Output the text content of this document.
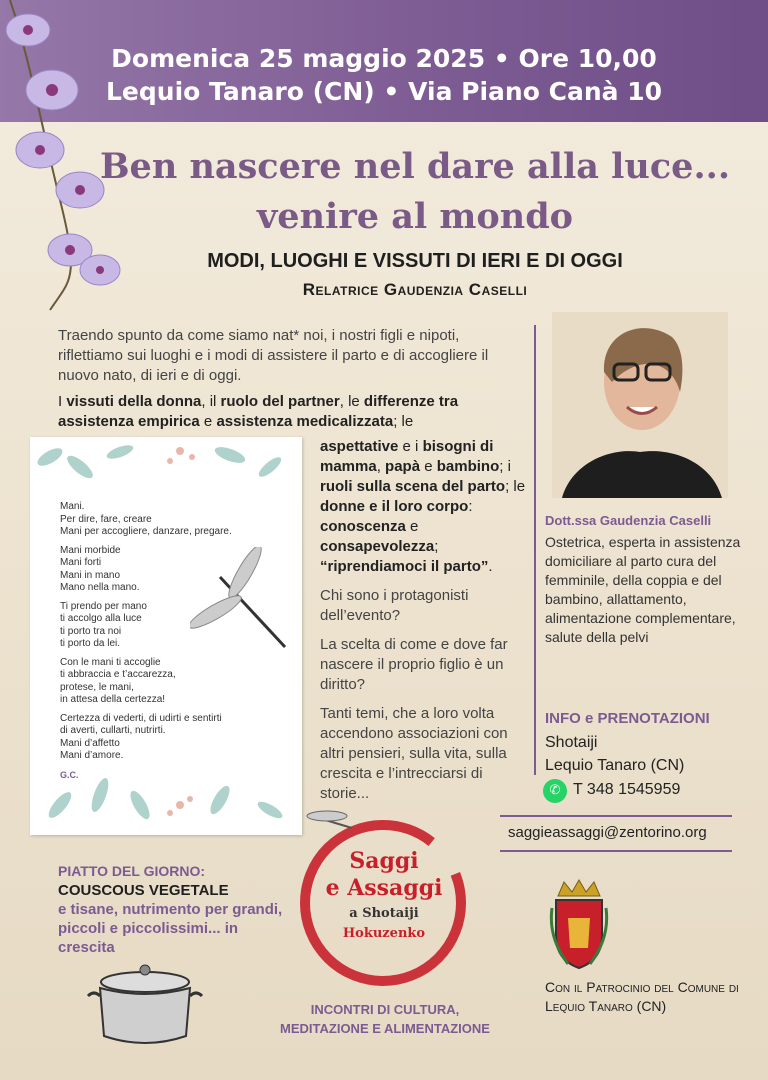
Domenica 25 maggio 2025 • Ore 10,00
Lequio Tanaro (CN) • Via Piano Canà 10
Ben nascere nel dare alla luce...
venire al mondo
MODI, LUOGHI E VISSUTI DI IERI E DI OGGI
Relatrice Gaudenzia Caselli
Traendo spunto da come siamo nat* noi, i nostri figli e nipoti, riflettiamo sui luoghi e i modi di assistere il parto e di accogliere il nuovo nato, di ieri e di oggi.
I vissuti della donna, il ruolo del partner, le differenze tra assistenza empirica e assistenza medicalizzata; le
aspettative e i bisogni di mamma, papà e bambino; i ruoli sulla scena del parto; le donne e il loro corpo: conoscenza e consapevolezza; “riprendiamoci il parto”.

Chi sono i protagonisti dell’evento?

La scelta di come e dove far nascere il proprio figlio è un diritto?

Tanti temi, che a loro volta accendono associazioni con altri pensieri, sulla vita, sulla crescita e l’intrecciarsi di storie...

Mani.
Per dire, fare, creare
Mani per accogliere, danzare, pregare.
Mani morbide
Mani forti
Mani in mano
Mano nella mano.
Ti prendo per mano
ti accolgo alla luce
ti porto tra noi
ti porto da lei.
Con le mani ti accoglie
ti abbraccia e t’accarezza,
protese, le mani,
in attesa della certezza!
Certezza di vederti, di udirti e sentirti
di averti, cullarti, nutrirti.
Mani d’affetto
Mani d’amore.
G.C.
Dott.ssa Gaudenzia Caselli
Ostetrica, esperta in assistenza domiciliare al parto cura del femminile, della coppia e del bambino, allattamento, alimentazione complementare, salute della pelvi
INFO e PRENOTAZIONI
Shotaiji
Lequio Tanaro (CN)
✆ T 348 1545959
saggieassaggi@zentorino.org
PIATTO DEL GIORNO:
COUSCOUS VEGETALE
e tisane, nutrimento per grandi, piccoli e piccolissimi... in crescita
Saggi
e Assaggi
a Shotaiji
Hokuzenko
INCONTRI DI CULTURA,
MEDITAZIONE E ALIMENTAZIONE
Con il Patrocinio del Comune di Lequio Tanaro (CN)
